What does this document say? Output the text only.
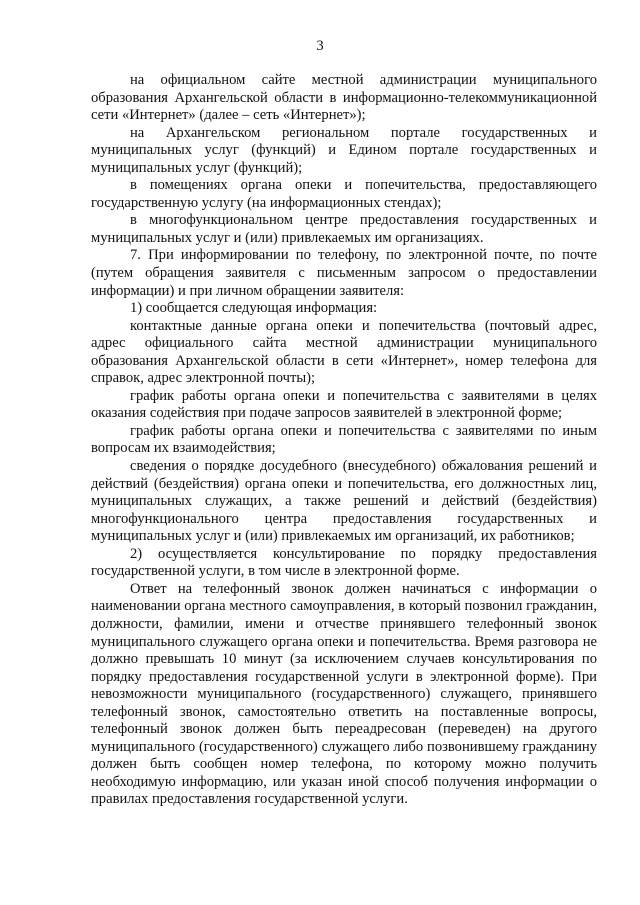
3

на официальном сайте местной администрации муниципального образования Архангельской области в информационно-телекоммуникационной сети «Интернет» (далее – сеть «Интернет»);

на Архангельском региональном портале государственных и муниципальных услуг (функций) и Едином портале государственных и муниципальных услуг (функций);

в помещениях органа опеки и попечительства, предоставляющего государственную услугу (на информационных стендах);

в многофункциональном центре предоставления государственных и муниципальных услуг и (или) привлекаемых им организациях.

7. При информировании по телефону, по электронной почте, по почте (путем обращения заявителя с письменным запросом о предоставлении информации) и при личном обращении заявителя:

1) сообщается следующая информация:

контактные данные органа опеки и попечительства (почтовый адрес, адрес официального сайта местной администрации муниципального образования Архангельской области в сети «Интернет», номер телефона для справок, адрес электронной почты);

график работы органа опеки и попечительства с заявителями в целях оказания содействия при подаче запросов заявителей в электронной форме;

график работы органа опеки и попечительства с заявителями по иным вопросам их взаимодействия;

сведения о порядке досудебного (внесудебного) обжалования решений и действий (бездействия) органа опеки и попечительства, его должностных лиц, муниципальных служащих, а также решений и действий (бездействия) многофункционального центра предоставления государственных и муниципальных услуг и (или) привлекаемых им организаций, их работников;

2) осуществляется консультирование по порядку предоставления государственной услуги, в том числе в электронной форме.

Ответ на телефонный звонок должен начинаться с информации о наименовании органа местного самоуправления, в который позвонил гражданин, должности, фамилии, имени и отчестве принявшего телефонный звонок муниципального служащего органа опеки и попечительства. Время разговора не должно превышать 10 минут (за исключением случаев консультирования по порядку предоставления государственной услуги в электронной форме). При невозможности муниципального (государственного) служащего, принявшего телефонный звонок, самостоятельно ответить на поставленные вопросы, телефонный звонок должен быть переадресован (переведен) на другого муниципального (государственного) служащего либо позвонившему гражданину должен быть сообщен номер телефона, по которому можно получить необходимую информацию, или указан иной способ получения информации о правилах предоставления государственной услуги.
